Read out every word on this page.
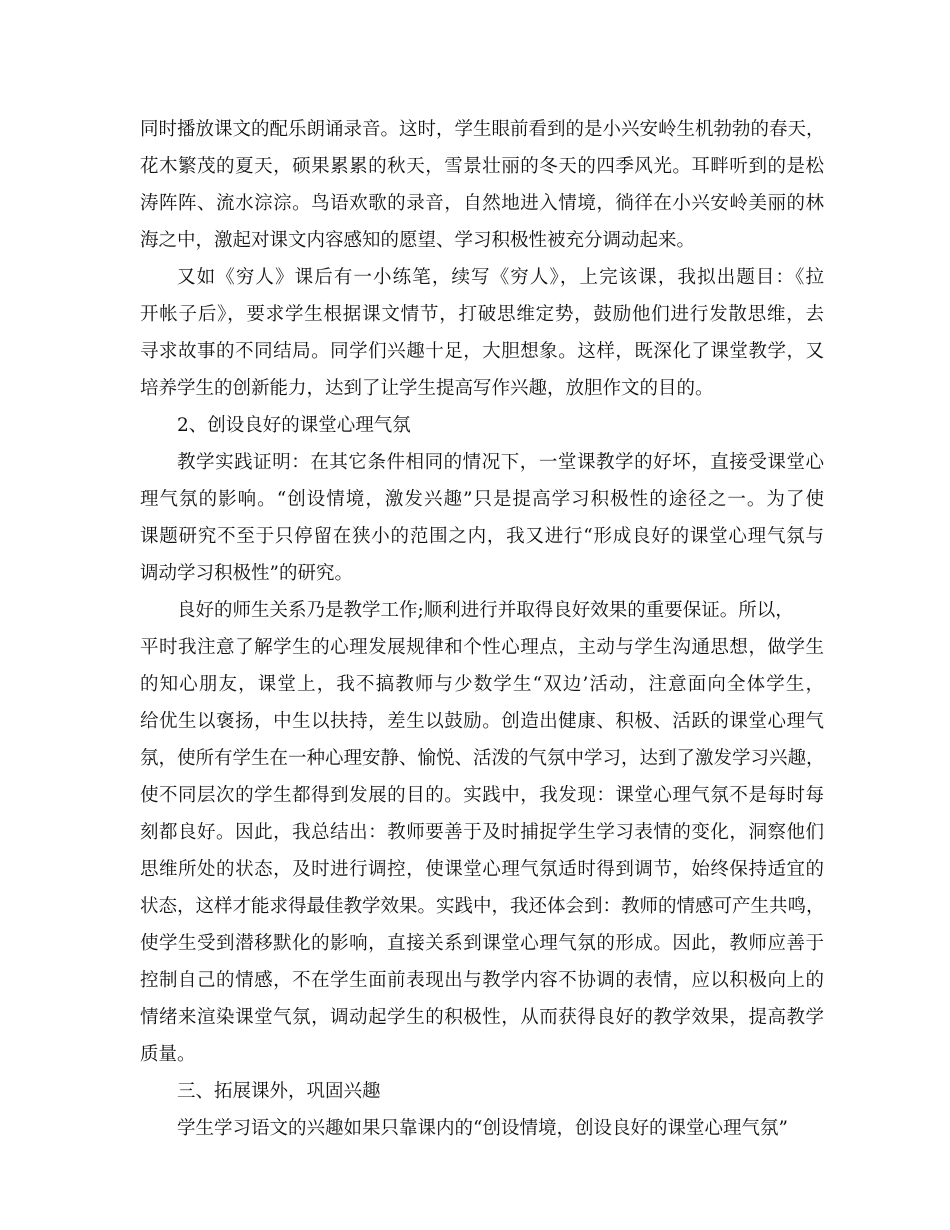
同时播放课文的配乐朗诵录音。这时，学生眼前看到的是小兴安岭生机勃勃的春天，
花木繁茂的夏天，硕果累累的秋天，雪景壮丽的冬天的四季风光。耳畔听到的是松
涛阵阵、流水淙淙。鸟语欢歌的录音，自然地进入情境，徜徉在小兴安岭美丽的林
海之中，激起对课文内容感知的愿望、学习积极性被充分调动起来。
又如《穷人》课后有一小练笔，续写《穷人》，上完该课，我拟出题目：《拉
开帐子后》，要求学生根据课文情节，打破思维定势，鼓励他们进行发散思维，去
寻求故事的不同结局。同学们兴趣十足，大胆想象。这样，既深化了课堂教学，又
培养学生的创新能力，达到了让学生提高写作兴趣，放胆作文的目的。
2、创设良好的课堂心理气氛
教学实践证明：在其它条件相同的情况下，一堂课教学的好坏，直接受课堂心
理气氛的影响。“创设情境，激发兴趣”只是提高学习积极性的途径之一。为了使
课题研究不至于只停留在狭小的范围之内，我又进行“形成良好的课堂心理气氛与
调动学习积极性”的研究。
良好的师生关系乃是教学工作;顺利进行并取得良好效果的重要保证。所以，
平时我注意了解学生的心理发展规律和个性心理点，主动与学生沟通思想，做学生
的知心朋友，课堂上，我不搞教师与少数学生“双边’活动，注意面向全体学生，
给优生以褒扬，中生以扶持，差生以鼓励。创造出健康、积极、活跃的课堂心理气
氛，使所有学生在一种心理安静、愉悦、活泼的气氛中学习，达到了激发学习兴趣，
使不同层次的学生都得到发展的目的。实践中，我发现：课堂心理气氛不是每时每
刻都良好。因此，我总结出：教师要善于及时捕捉学生学习表情的变化，洞察他们
思维所处的状态，及时进行调控，使课堂心理气氛适时得到调节，始终保持适宜的
状态，这样才能求得最佳教学效果。实践中，我还体会到：教师的情感可产生共鸣，
使学生受到潜移默化的影响，直接关系到课堂心理气氛的形成。因此，教师应善于
控制自己的情感，不在学生面前表现出与教学内容不协调的表情，应以积极向上的
情绪来渲染课堂气氛，调动起学生的积极性，从而获得良好的教学效果，提高教学
质量。
三、拓展课外，巩固兴趣
学生学习语文的兴趣如果只靠课内的“创设情境，创设良好的课堂心理气氛”
